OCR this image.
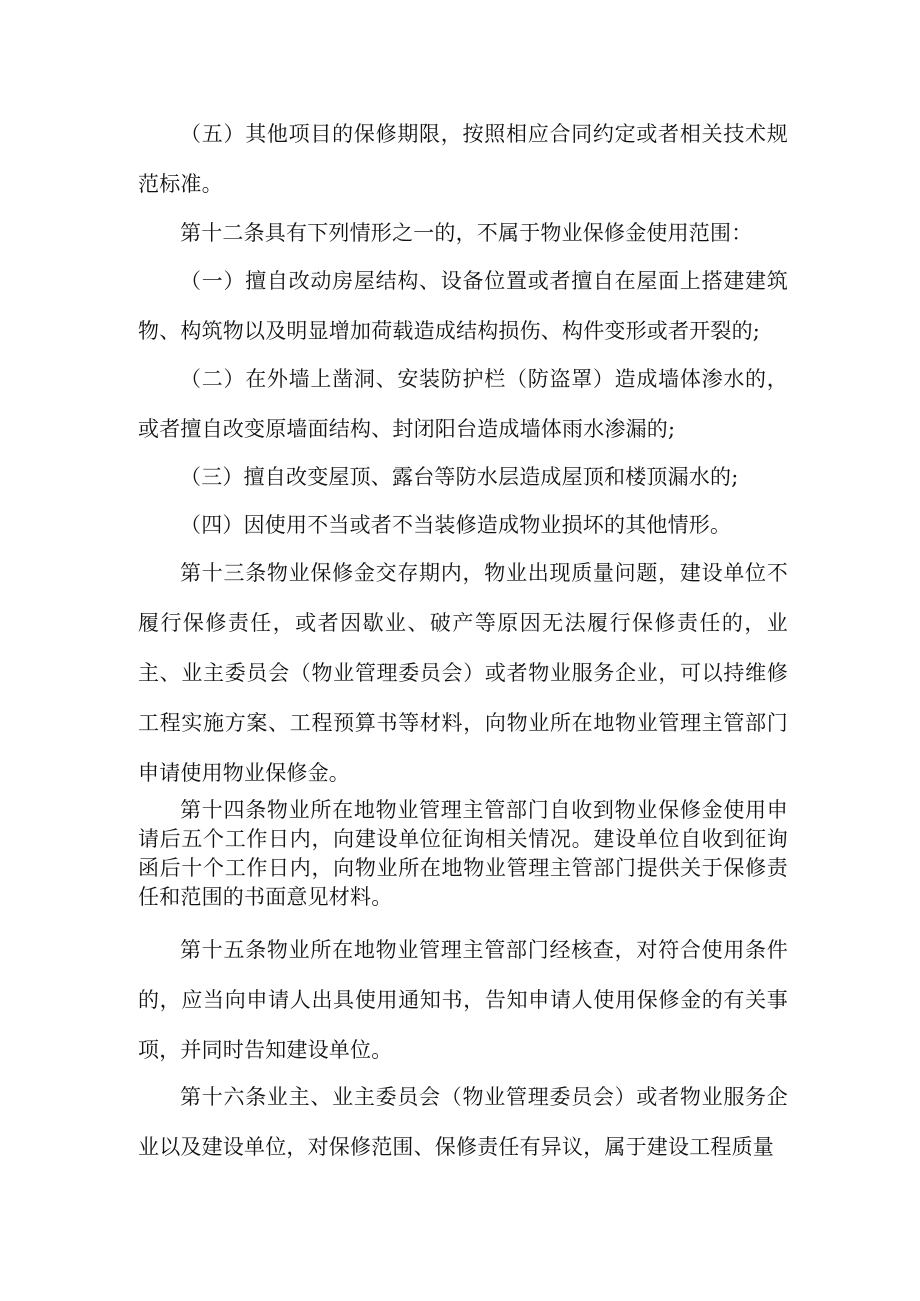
（五）其他项目的保修期限，按照相应合同约定或者相关技术规范标准。

第十二条具有下列情形之一的，不属于物业保修金使用范围：

（一）擅自改动房屋结构、设备位置或者擅自在屋面上搭建建筑物、构筑物以及明显增加荷载造成结构损伤、构件变形或者开裂的;

（二）在外墙上凿洞、安装防护栏（防盗罩）造成墙体渗水的，或者擅自改变原墙面结构、封闭阳台造成墙体雨水渗漏的;

（三）擅自改变屋顶、露台等防水层造成屋顶和楼顶漏水的;

（四）因使用不当或者不当装修造成物业损坏的其他情形。

第十三条物业保修金交存期内，物业出现质量问题，建设单位不履行保修责任，或者因歇业、破产等原因无法履行保修责任的，业主、业主委员会（物业管理委员会）或者物业服务企业，可以持维修工程实施方案、工程预算书等材料，向物业所在地物业管理主管部门申请使用物业保修金。

第十四条物业所在地物业管理主管部门自收到物业保修金使用申请后五个工作日内，向建设单位征询相关情况。建设单位自收到征询函后十个工作日内，向物业所在地物业管理主管部门提供关于保修责任和范围的书面意见材料。

第十五条物业所在地物业管理主管部门经核查，对符合使用条件的，应当向申请人出具使用通知书，告知申请人使用保修金的有关事项，并同时告知建设单位。

第十六条业主、业主委员会（物业管理委员会）或者物业服务企业以及建设单位，对保修范围、保修责任有异议，属于建设工程质量
